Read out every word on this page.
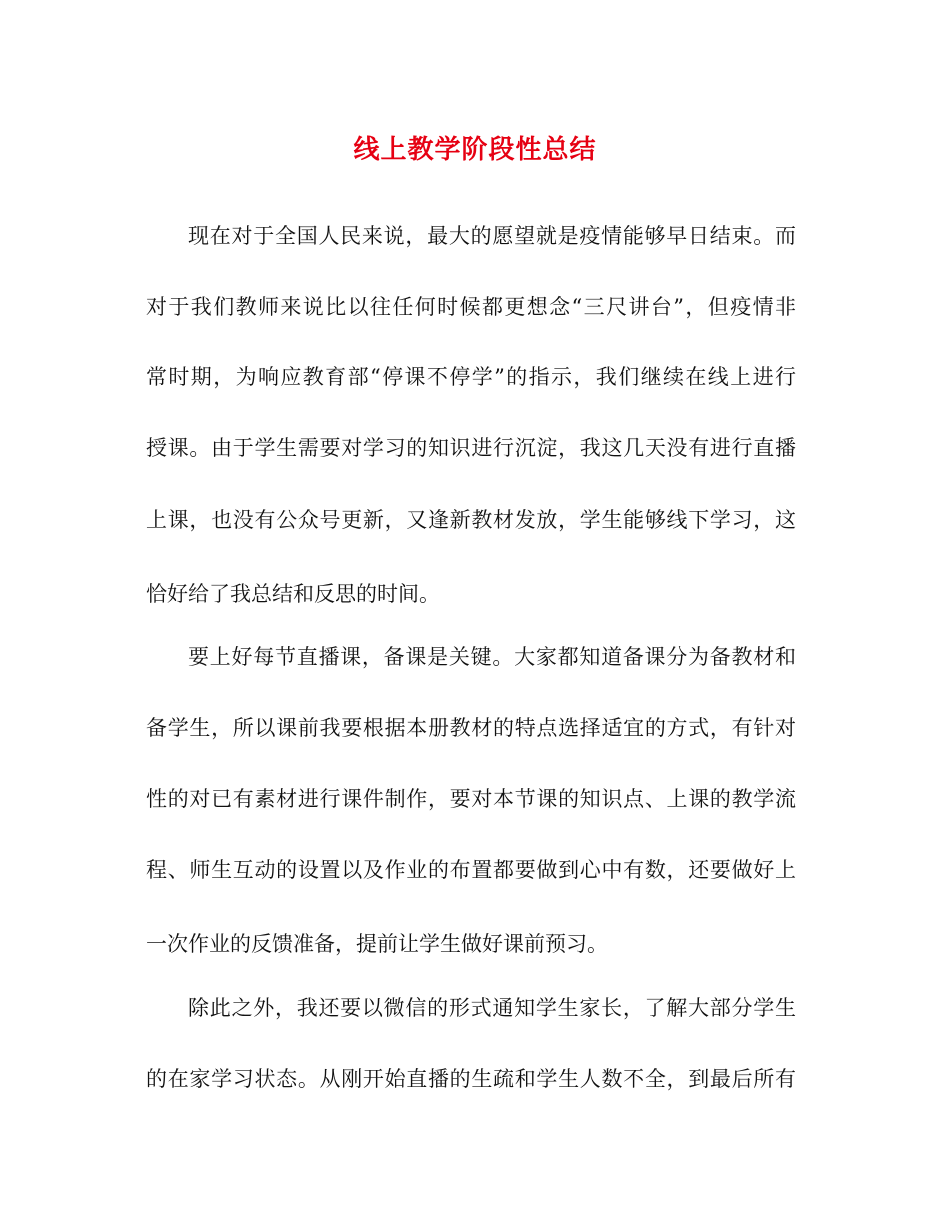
线上教学阶段性总结
现在对于全国人民来说，最大的愿望就是疫情能够早日结束。而
对于我们教师来说比以往任何时候都更想念“三尺讲台”，但疫情非
常时期，为响应教育部“停课不停学”的指示，我们继续在线上进行
授课。由于学生需要对学习的知识进行沉淀，我这几天没有进行直播
上课，也没有公众号更新，又逢新教材发放，学生能够线下学习，这
恰好给了我总结和反思的时间。
要上好每节直播课，备课是关键。大家都知道备课分为备教材和
备学生，所以课前我要根据本册教材的特点选择适宜的方式，有针对
性的对已有素材进行课件制作，要对本节课的知识点、上课的教学流
程、师生互动的设置以及作业的布置都要做到心中有数，还要做好上
一次作业的反馈准备，提前让学生做好课前预习。
除此之外，我还要以微信的形式通知学生家长，了解大部分学生
的在家学习状态。从刚开始直播的生疏和学生人数不全，到最后所有
